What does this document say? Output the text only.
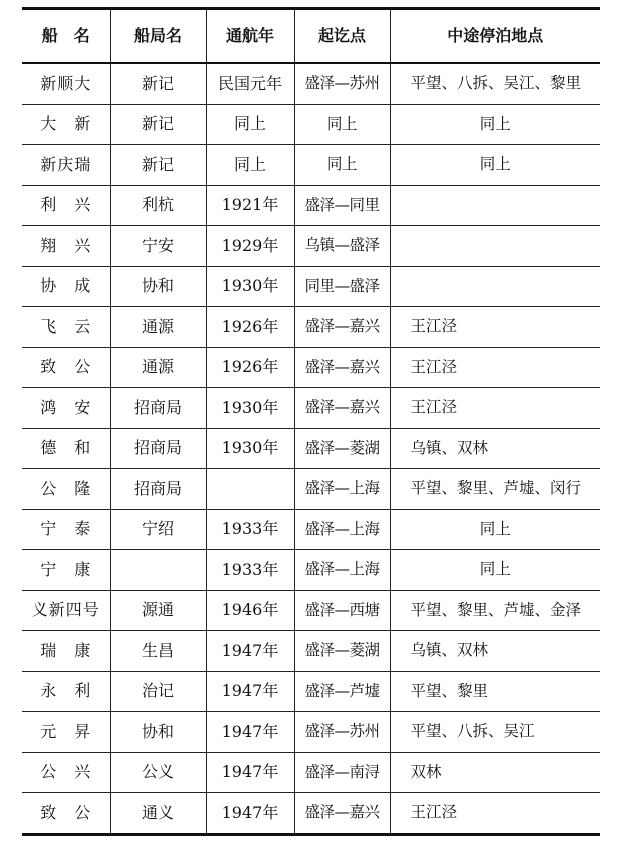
船　名	船局名	通航年	起讫点	中途停泊地点
新顺大	新记	民国元年	盛泽—苏州	平望、八拆、吴江、黎里
大　新	新记	同上	同上	同上
新庆瑞	新记	同上	同上	同上
利　兴	利杭	1921年	盛泽—同里	
翔　兴	宁安	1929年	乌镇—盛泽	
协　成	协和	1930年	同里—盛泽	
飞　云	通源	1926年	盛泽—嘉兴	王江泾
致　公	通源	1926年	盛泽—嘉兴	王江泾
鸿　安	招商局	1930年	盛泽—嘉兴	王江泾
德　和	招商局	1930年	盛泽—菱湖	乌镇、双林
公　隆	招商局		盛泽—上海	平望、黎里、芦墟、闵行
宁　泰	宁绍	1933年	盛泽—上海	同上
宁　康		1933年	盛泽—上海	同上
义新四号	源通	1946年	盛泽—西塘	平望、黎里、芦墟、金泽
瑞　康	生昌	1947年	盛泽—菱湖	乌镇、双林
永　利	治记	1947年	盛泽—芦墟	平望、黎里
元　昇	协和	1947年	盛泽—苏州	平望、八拆、吴江
公　兴	公义	1947年	盛泽—南浔	双林
致　公	通义	1947年	盛泽—嘉兴	王江泾
